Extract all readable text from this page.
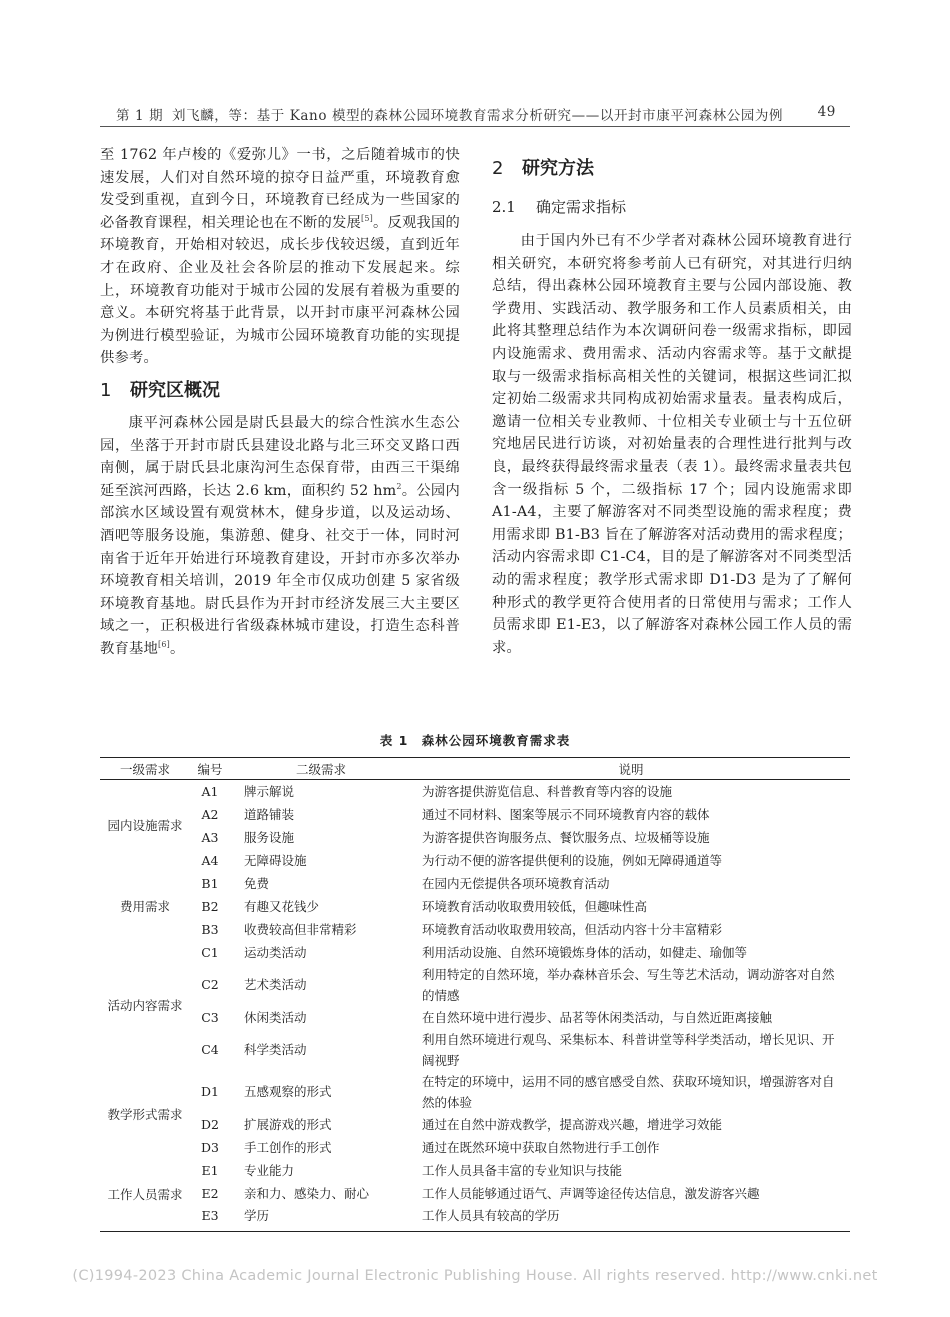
第 1 期 刘飞麟，等：基于 Kano 模型的森林公园环境教育需求分析研究——以开封市康平河森林公园为例	49

至 1762 年卢梭的《爱弥儿》一书，之后随着城市的快速发展，人们对自然环境的掠夺日益严重，环境教育愈发受到重视，直到今日，环境教育已经成为一些国家的必备教育课程，相关理论也在不断的发展[5]。反观我国的环境教育，开始相对较迟，成长步伐较迟缓，直到近年才在政府、企业及社会各阶层的推动下发展起来。综上，环境教育功能对于城市公园的发展有着极为重要的意义。本研究将基于此背景，以开封市康平河森林公园为例进行模型验证，为城市公园环境教育功能的实现提供参考。

1 研究区概况

康平河森林公园是尉氏县最大的综合性滨水生态公园，坐落于开封市尉氏县建设北路与北三环交叉路口西南侧，属于尉氏县北康沟河生态保育带，由西三干渠绵延至滨河西路，长达 2.6 km，面积约 52 $hm^2$。公园内部滨水区域设置有观赏林木，健身步道，以及运动场、酒吧等服务设施，集游憩、健身、社交于一体，同时河南省于近年开始进行环境教育建设，开封市亦多次举办环境教育相关培训，2019 年全市仅成功创建 5 家省级环境教育基地。尉氏县作为开封市经济发展三大主要区域之一，正积极进行省级森林城市建设，打造生态科普教育基地[6]。

2 研究方法
2.1 确定需求指标

由于国内外已有不少学者对森林公园环境教育进行相关研究，本研究将参考前人已有研究，对其进行归纳总结，得出森林公园环境教育主要与公园内部设施、教学费用、实践活动、教学服务和工作人员素质相关，由此将其整理总结作为本次调研问卷一级需求指标，即园内设施需求、费用需求、活动内容需求等。基于文献提取与一级需求指标高相关性的关键词，根据这些词汇拟定初始二级需求共同构成初始需求量表。量表构成后，邀请一位相关专业教师、十位相关专业硕士与十五位研究地居民进行访谈，对初始量表的合理性进行批判与改良，最终获得最终需求量表（表 1）。最终需求量表共包含一级指标 5 个，二级指标 17 个；园内设施需求即 A1-A4，主要了解游客对不同类型设施的需求程度；费用需求即 B1-B3 旨在了解游客对活动费用的需求程度；活动内容需求即 C1-C4，目的是了解游客对不同类型活动的需求程度；教学形式需求即 D1-D3 是为了了解何种形式的教学更符合使用者的日常使用与需求；工作人员需求即 E1-E3，以了解游客对森林公园工作人员的需求。

表 1　森林公园环境教育需求表
一级需求	编号	二级需求	说明
园内设施需求	A1	牌示解说	为游客提供游览信息、科普教育等内容的设施
	A2	道路铺装	通过不同材料、图案等展示不同环境教育内容的载体
	A3	服务设施	为游客提供咨询服务点、餐饮服务点、垃圾桶等设施
	A4	无障碍设施	为行动不便的游客提供便利的设施，例如无障碍通道等
费用需求	B1	免费	在园内无偿提供各项环境教育活动
	B2	有趣又花钱少	环境教育活动收取费用较低，但趣味性高
	B3	收费较高但非常精彩	环境教育活动收取费用较高，但活动内容十分丰富精彩
活动内容需求	C1	运动类活动	利用活动设施、自然环境锻炼身体的活动，如健走、瑜伽等
	C2	艺术类活动	利用特定的自然环境，举办森林音乐会、写生等艺术活动，调动游客对自然的情感
	C3	休闲类活动	在自然环境中进行漫步、品茗等休闲类活动，与自然近距离接触
	C4	科学类活动	利用自然环境进行观鸟、采集标本、科普讲堂等科学类活动，增长见识、开阔视野
教学形式需求	D1	五感观察的形式	在特定的环境中，运用不同的感官感受自然、获取环境知识，增强游客对自然的体验
	D2	扩展游戏的形式	通过在自然中游戏教学，提高游戏兴趣，增进学习效能
	D3	手工创作的形式	通过在既然环境中获取自然物进行手工创作
工作人员需求	E1	专业能力	工作人员具备丰富的专业知识与技能
	E2	亲和力、感染力、耐心	工作人员能够通过语气、声调等途径传达信息，激发游客兴趣
	E3	学历	工作人员具有较高的学历
(C)1994-2023 China Academic Journal Electronic Publishing House. All rights reserved. http://www.cnki.net
